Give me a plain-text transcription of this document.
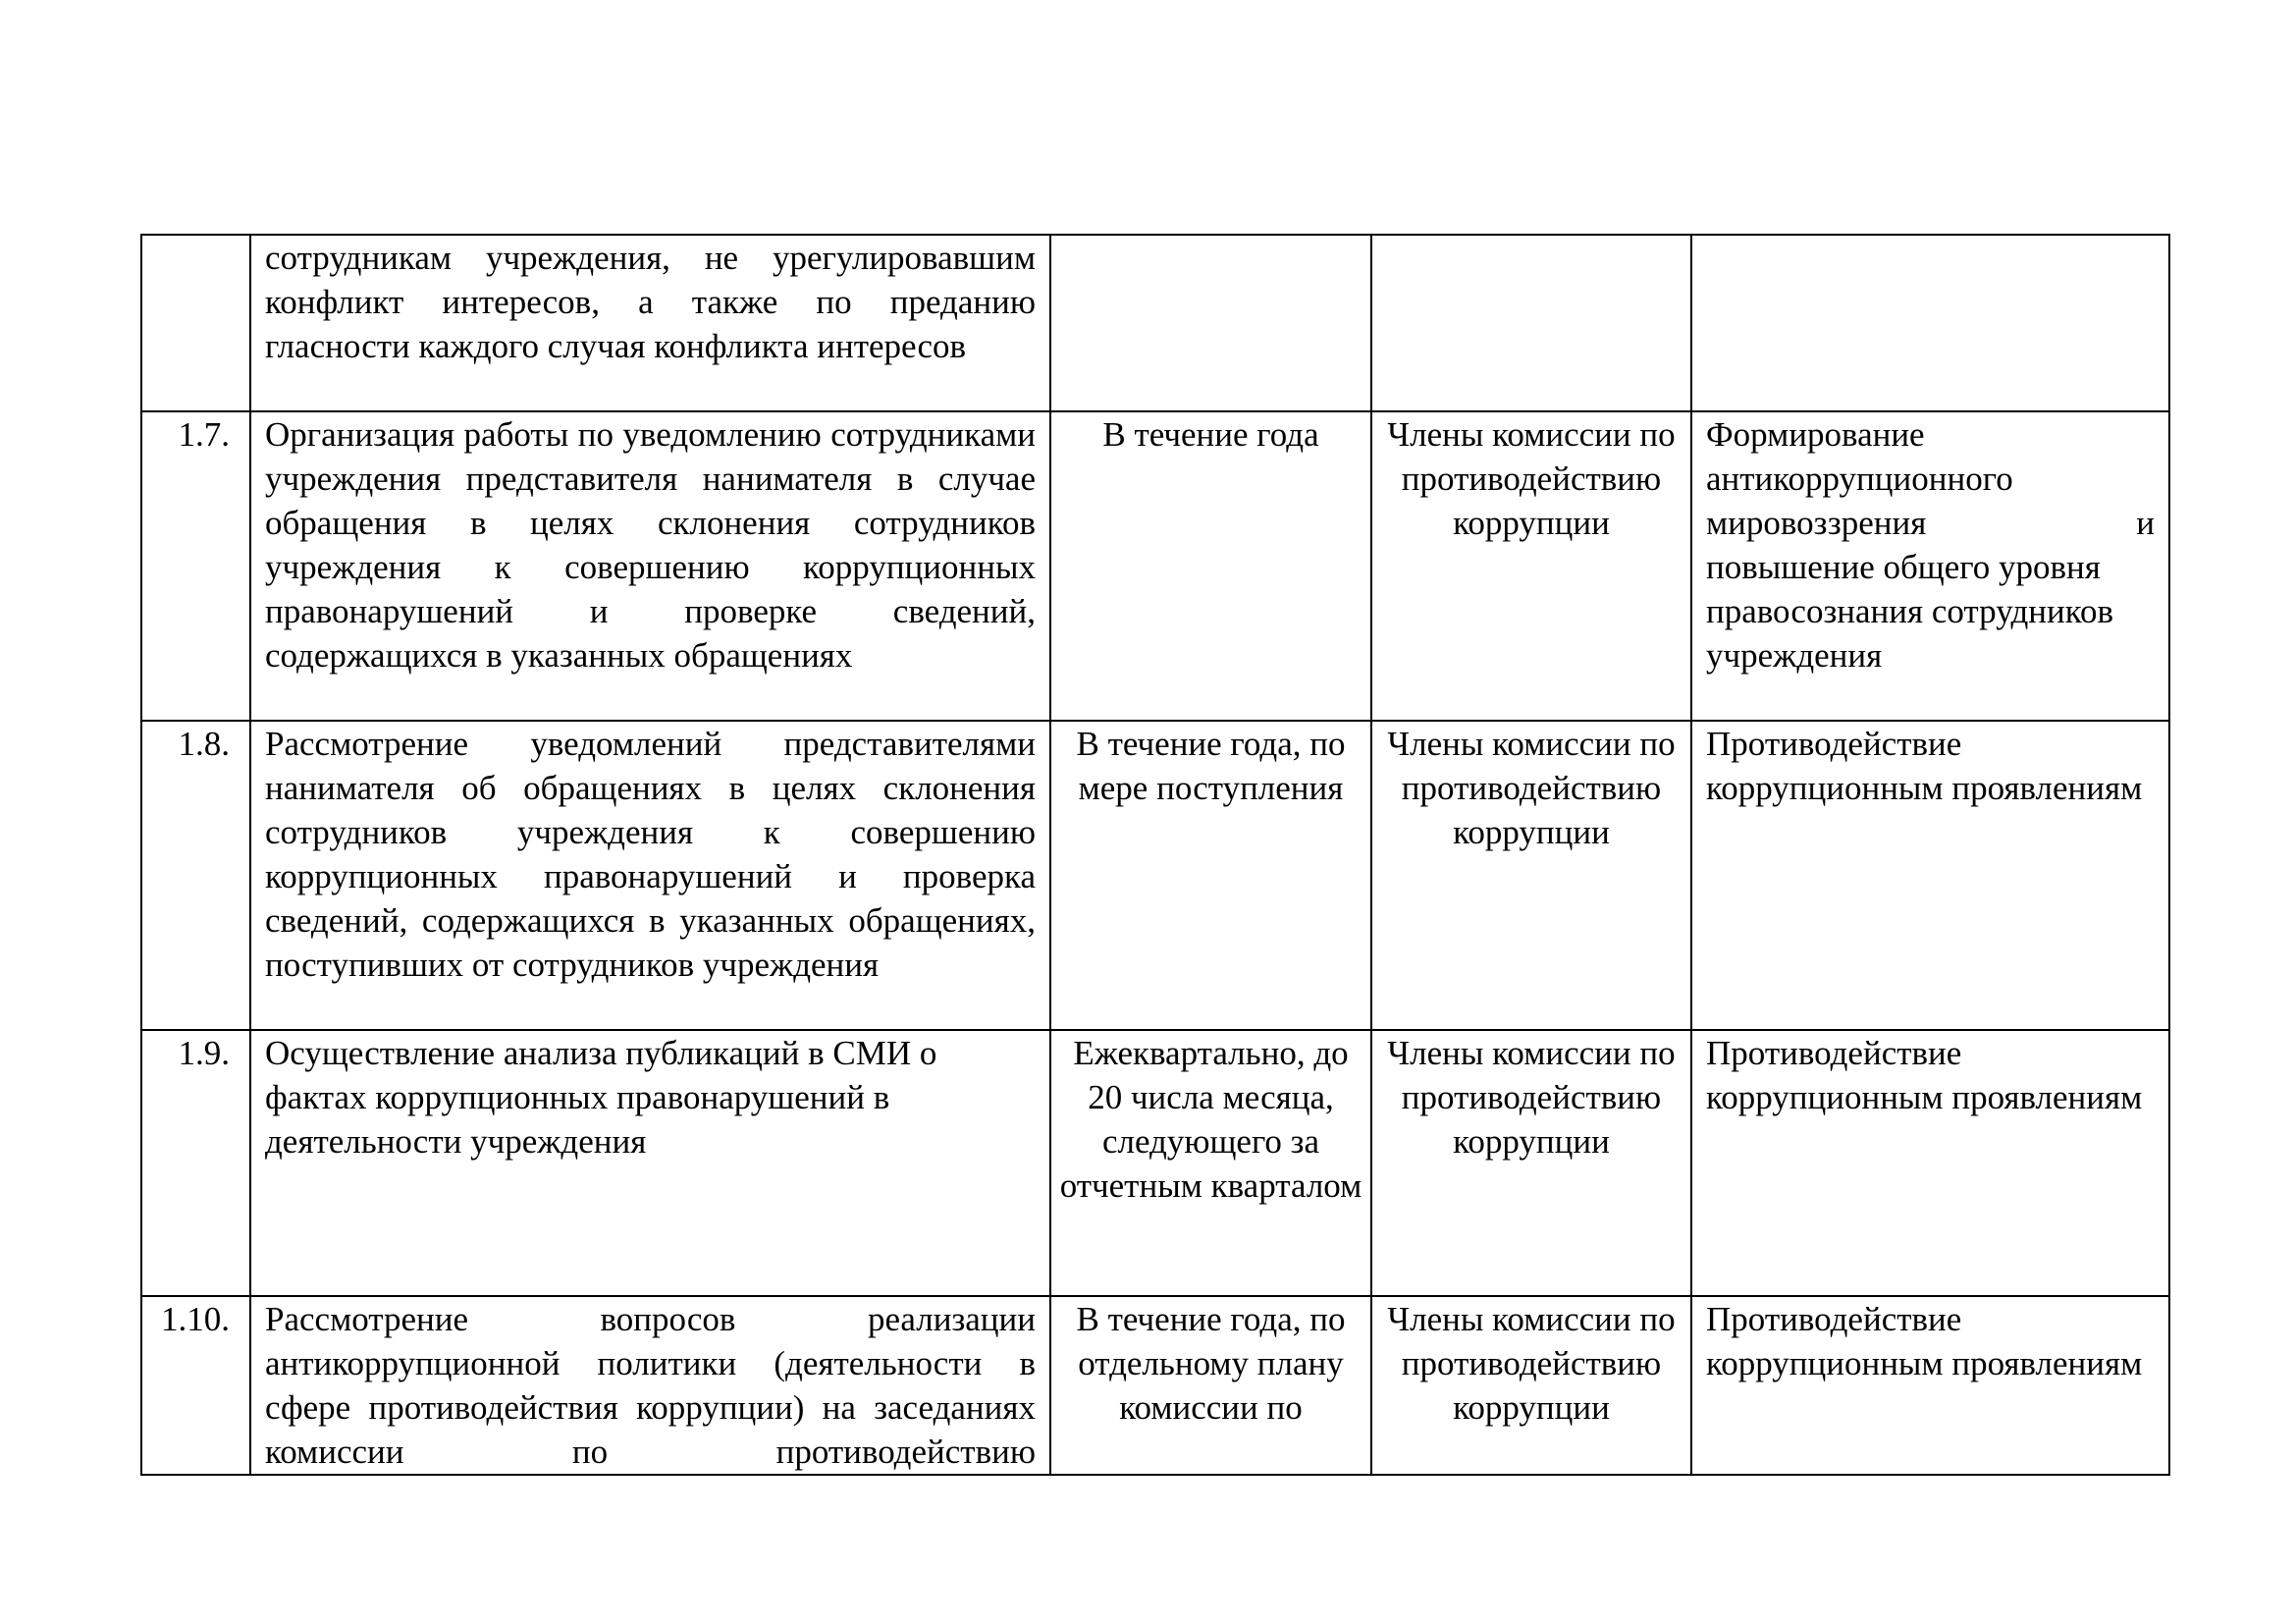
	сотрудникам учреждения, не урегулировавшим конфликт интересов, а также по преданию гласности каждого случая конфликта интересов			
1.7.	Организация работы по уведомлению сотрудниками учреждения представителя нанимателя в случае обращения в целях склонения сотрудников учреждения к совершению коррупционных правонарушений и проверке сведений, содержащихся в указанных обращениях	В течение года	Члены комиссии по противодействию коррупции	Формирование антикоррупционного мировоззрения и
повышение общего уровня правосознания сотрудников учреждения

1.8.	Рассмотрение уведомлений представителями нанимателя об обращениях в целях склонения сотрудников учреждения к совершению коррупционных правонарушений и проверка сведений, содержащихся в указанных обращениях, поступивших от сотрудников учреждения	В течение года, по мере поступления	Члены комиссии по противодействию коррупции	Противодействие коррупционным проявлениям
1.9.	Осуществление анализа публикаций в СМИ о фактах коррупционных правонарушений в деятельности учреждения	Ежеквартально, до 20 числа месяца, следующего за отчетным кварталом	Члены комиссии по противодействию коррупции	Противодействие коррупционным проявлениям
1.10.	Рассмотрение вопросов реализации антикоррупционной политики (деятельности в сфере противодействия коррупции) на заседаниях комиссии по противодействию	В течение года, по отдельному плану комиссии по	Члены комиссии по противодействию коррупции	Противодействие коррупционным проявлениям
